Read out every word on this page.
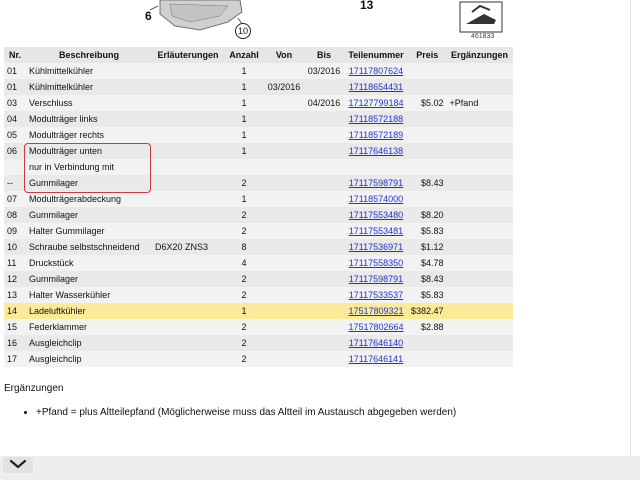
6
10
13
461833
Nr.	Beschreibung	Erläuterungen	Anzahl	Von	Bis	Teilenummer	Preis	Ergänzungen
01	Kühlmittelkühler		1		03/2016	17117807624		
01	Kühlmittelkühler		1	03/2016		17118654431		
03	Verschluss		1		04/2016	17127799184	$5.02	+Pfand
04	Modulträger links		1			17118572188		
05	Modulträger rechts		1			17118572189		
06	Modulträger unten		1			17117646138		
	nur in Verbindung mit							
--	Gummilager		2			17117598791	$8.43	
07	Modulträgerabdeckung		1			17118574000		
08	Gummilager		2			17117553480	$8.20	
09	Halter Gummilager		2			17117553481	$5.83	
10	Schraube selbstschneidend	D6X20 ZNS3	8			17117536971	$1.12	
11	Druckstück		4			17117558350	$4.78	
12	Gummilager		2			17117598791	$8.43	
13	Halter Wasserkühler		2			17117533537	$5.83	
14	Ladeluftkühler		1			17517809321	$382.47	
15	Federklammer		2			17517802664	$2.88	
16	Ausgleichclip		2			17117646140		
17	Ausgleichclip		2			17117646141		
Ergänzungen
• +Pfand = plus Altteilepfand (Möglicherweise muss das Altteil im Austausch abgegeben werden)
